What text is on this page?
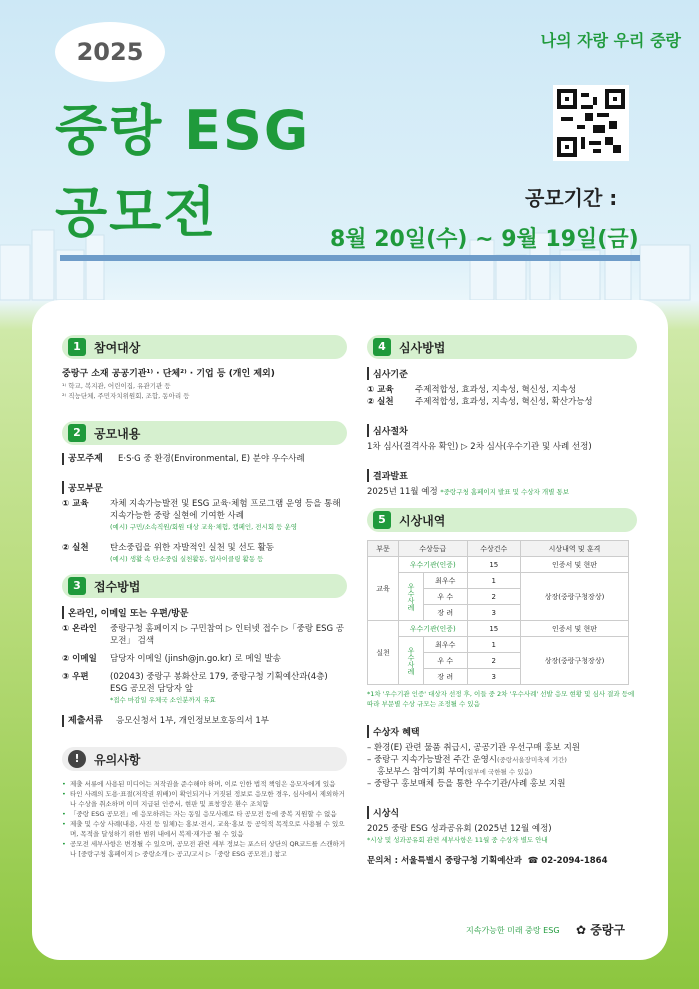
2025
중랑 ESG
공모전
나의 자랑 우리 중랑
공모기간 :
8월 20일(수) ~ 9월 19일(금)
1	참여대상
중랑구 소재 공공기관¹⁾ · 단체²⁾ · 기업 등 (개인 제외)
¹⁾ 학교, 복지관, 어린이집, 유관기관 등
²⁾ 직능단체, 주민자치위원회, 조합, 동아리 등
2	공모내용
공모주제	E·S·G 중 환경(Environmental, E) 분야 우수사례
공모부문
① 교육	자체 지속가능발전 및 ESG 교육·체험 프로그램 운영 등을 통해 지속가능한 중랑 실현에 기여한 사례
(예시) 구민/소속직원/회원 대상 교육·체험, 캠페인, 전시회 등 운영
② 실천	탄소중립을 위한 자발적인 실천 및 선도 활동
(예시) 생활 속 탄소중립 실천활동, 업사이클링 활동 등
3	접수방법
온라인, 이메일 또는 우편/방문
① 온라인	중랑구청 홈페이지 ▷ 구민참여 ▷ 인터넷 접수 ▷「중랑 ESG 공모전」 검색
② 이메일	담당자 이메일 (jinsh@jn.go.kr) 로 메일 발송
③ 우편	(02043) 중랑구 봉화산로 179, 중랑구청 기획예산과(4층) ESG 공모전 담당자 앞
*접수 마감일 우체국 소인분까지 유효
제출서류	응모신청서 1부, 개인정보보호동의서 1부
!	유의사항
• 제출 서류에 사용된 미디어는 저작권을 준수해야 하며, 이로 인한 법적 책임은 응모자에게 있음
• 타인 사례의 도용·표절(저작권 위배)이 확인되거나 거짓된 정보로 응모한 경우, 심사에서 제외하거나 수상을 취소하며 이미 지급된 인증서, 현판 및 표창장은 환수 조치함
• 「중랑 ESG 공모전」에 응모하려는 자는 동일 응모사례로 타 공모전 등에 중복 지원할 수 없음
• 제출 및 수상 사례(내용, 사진 등 일체)는 홍보·전시, 교육·홍보 등 공익적 목적으로 사용될 수 있으며, 목적을 달성하기 위한 범위 내에서 복제·재가공 될 수 있음
• 공모전 세부사항은 변경될 수 있으며, 공모전 관련 세부 정보는 포스터 상단의 QR코드를 스캔하거나 [중랑구청 홈페이지 ▷ 중랑소개 ▷ 공고/고시 ▷「중랑 ESG 공모전」] 참고
4	심사방법
심사기준
① 교육	주제적합성, 효과성, 지속성, 혁신성, 지속성
② 실천	주제적합성, 효과성, 지속성, 혁신성, 확산가능성
심사절차
1차 심사(결격사유 확인) ▷ 2차 심사(우수기관 및 사례 선정)
결과발표
2025년 11월 예정 *중랑구청 홈페이지 발표 및 수상자 개별 통보
5	시상내역
부문	수상등급		수상건수	시상내역 및 훈격
교육	우수기관(인증)		15	인증서 및 현판
	우수사례	최우수	1	상장(중랑구청장상)
		우 수	2	
		장 려	3	
실천	우수기관(인증)		15	인증서 및 현판
	우수사례	최우수	1	상장(중랑구청장상)
		우 수	2	
		장 려	3	
*1차 '우수기관 인증' 대상자 선정 후, 이들 중 2차 '우수사례' 선발 응모 현황 및 심사 결과 등에 따라 부문별 수상 규모는 조정될 수 있음
수상자 혜택
– 환경(E) 관련 물품 취급시, 공공기관 우선구매 홍보 지원
– 중랑구 지속가능발전 주간 운영시(중랑서울장미축제 기간)
홍보부스 참여기회 부여(일부에 국한될 수 있음)
– 중랑구 홍보매체 등을 통한 우수기관/사례 홍보 지원
시상식
2025 중랑 ESG 성과공유회 (2025년 12월 예정)
*시상 및 성과공유회 관련 세부사항은 11월 중 수상자 별도 안내
문의처 : 서울특별시 중랑구청 기획예산과 ☎ 02-2094-1864
지속가능한 미래 중랑 ESG ✿ 중랑구
